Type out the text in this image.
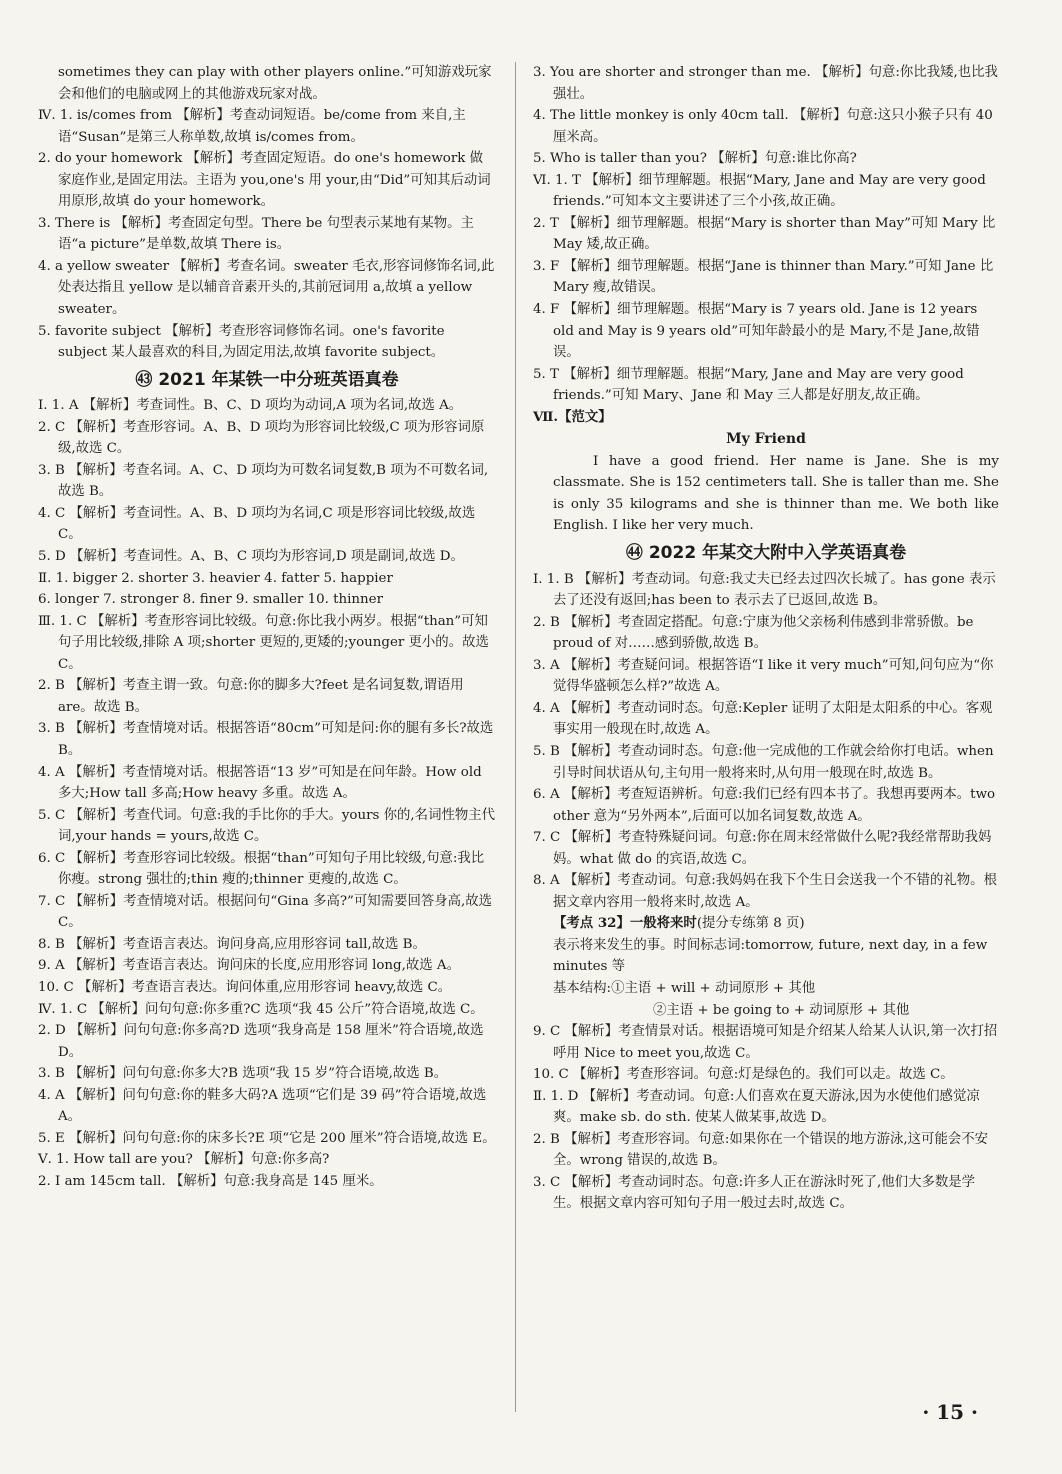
sometimes they can play with other players online.”可知游戏玩家会和他们的电脑或网上的其他游戏玩家对战。

Ⅳ. 1. is/comes from 【解析】考查动词短语。be/come from 来自,主语“Susan”是第三人称单数,故填 is/comes from。

2. do your homework 【解析】考查固定短语。do one's homework 做家庭作业,是固定用法。主语为 you,one's 用 your,由“Did”可知其后动词用原形,故填 do your homework。

3. There is 【解析】考查固定句型。There be 句型表示某地有某物。主语“a picture”是单数,故填 There is。

4. a yellow sweater 【解析】考查名词。sweater 毛衣,形容词修饰名词,此处表达指且 yellow 是以辅音音素开头的,其前冠词用 a,故填 a yellow sweater。

5. favorite subject 【解析】考查形容词修饰名词。one's favorite subject 某人最喜欢的科目,为固定用法,故填 favorite subject。

㊸ 2021 年某铁一中分班英语真卷

Ⅰ. 1. A 【解析】考查词性。B、C、D 项均为动词,A 项为名词,故选 A。

2. C 【解析】考查形容词。A、B、D 项均为形容词比较级,C 项为形容词原级,故选 C。

3. B 【解析】考查名词。A、C、D 项均为可数名词复数,B 项为不可数名词,故选 B。

4. C 【解析】考查词性。A、B、D 项均为名词,C 项是形容词比较级,故选 C。

5. D 【解析】考查词性。A、B、C 项均为形容词,D 项是副词,故选 D。

Ⅱ. 1. bigger 2. shorter 3. heavier 4. fatter 5. happier

6. longer 7. stronger 8. finer 9. smaller 10. thinner

Ⅲ. 1. C 【解析】考查形容词比较级。句意:你比我小两岁。根据“than”可知句子用比较级,排除 A 项;shorter 更短的,更矮的;younger 更小的。故选 C。

2. B 【解析】考查主谓一致。句意:你的脚多大?feet 是名词复数,谓语用 are。故选 B。

3. B 【解析】考查情境对话。根据答语“80cm”可知是问:你的腿有多长?故选 B。

4. A 【解析】考查情境对话。根据答语“13 岁”可知是在问年龄。How old 多大;How tall 多高;How heavy 多重。故选 A。

5. C 【解析】考查代词。句意:我的手比你的手大。yours 你的,名词性物主代词,your hands = yours,故选 C。

6. C 【解析】考查形容词比较级。根据“than”可知句子用比较级,句意:我比你瘦。strong 强壮的;thin 瘦的;thinner 更瘦的,故选 C。

7. C 【解析】考查情境对话。根据问句“Gina 多高?”可知需要回答身高,故选 C。

8. B 【解析】考查语言表达。询问身高,应用形容词 tall,故选 B。

9. A 【解析】考查语言表达。询问床的长度,应用形容词 long,故选 A。

10. C 【解析】考查语言表达。询问体重,应用形容词 heavy,故选 C。

Ⅳ. 1. C 【解析】问句句意:你多重?C 选项“我 45 公斤”符合语境,故选 C。

2. D 【解析】问句句意:你多高?D 选项“我身高是 158 厘米”符合语境,故选 D。

3. B 【解析】问句句意:你多大?B 选项“我 15 岁”符合语境,故选 B。

4. A 【解析】问句句意:你的鞋多大码?A 选项“它们是 39 码”符合语境,故选 A。

5. E 【解析】问句句意:你的床多长?E 项“它是 200 厘米”符合语境,故选 E。

Ⅴ. 1. How tall are you? 【解析】句意:你多高?

2. I am 145cm tall. 【解析】句意:我身高是 145 厘米。

3. You are shorter and stronger than me. 【解析】句意:你比我矮,也比我强壮。

4. The little monkey is only 40cm tall. 【解析】句意:这只小猴子只有 40 厘米高。

5. Who is taller than you? 【解析】句意:谁比你高?

Ⅵ. 1. T 【解析】细节理解题。根据“Mary, Jane and May are very good friends.”可知本文主要讲述了三个小孩,故正确。

2. T 【解析】细节理解题。根据“Mary is shorter than May”可知 Mary 比 May 矮,故正确。

3. F 【解析】细节理解题。根据“Jane is thinner than Mary.”可知 Jane 比 Mary 瘦,故错误。

4. F 【解析】细节理解题。根据“Mary is 7 years old. Jane is 12 years old and May is 9 years old”可知年龄最小的是 Mary,不是 Jane,故错误。

5. T 【解析】细节理解题。根据“Mary, Jane and May are very good friends.”可知 Mary、Jane 和 May 三人都是好朋友,故正确。

Ⅶ.【范文】

My Friend

I have a good friend. Her name is Jane. She is my classmate. She is 152 centimeters tall. She is taller than me. She is only 35 kilograms and she is thinner than me. We both like English. I like her very much.

㊹ 2022 年某交大附中入学英语真卷

Ⅰ. 1. B 【解析】考查动词。句意:我丈夫已经去过四次长城了。has gone 表示去了还没有返回;has been to 表示去了已返回,故选 B。

2. B 【解析】考查固定搭配。句意:宁康为他父亲杨利伟感到非常骄傲。be proud of 对……感到骄傲,故选 B。

3. A 【解析】考查疑问词。根据答语“I like it very much”可知,问句应为“你觉得华盛顿怎么样?”故选 A。

4. A 【解析】考查动词时态。句意:Kepler 证明了太阳是太阳系的中心。客观事实用一般现在时,故选 A。

5. B 【解析】考查动词时态。句意:他一完成他的工作就会给你打电话。when 引导时间状语从句,主句用一般将来时,从句用一般现在时,故选 B。

6. A 【解析】考查短语辨析。句意:我们已经有四本书了。我想再要两本。two other 意为“另外两本”,后面可以加名词复数,故选 A。

7. C 【解析】考查特殊疑问词。句意:你在周末经常做什么呢?我经常帮助我妈妈。what 做 do 的宾语,故选 C。

8. A 【解析】考查动词。句意:我妈妈在我下个生日会送我一个不错的礼物。根据文章内容用一般将来时,故选 A。

【考点 32】一般将来时(提分专练第 8 页)

表示将来发生的事。时间标志词:tomorrow, future, next day, in a few minutes 等

基本结构:①主语 + will + 动词原形 + 其他

②主语 + be going to + 动词原形 + 其他

9. C 【解析】考查情景对话。根据语境可知是介绍某人给某人认识,第一次打招呼用 Nice to meet you,故选 C。

10. C 【解析】考查形容词。句意:灯是绿色的。我们可以走。故选 C。

Ⅱ. 1. D 【解析】考查动词。句意:人们喜欢在夏天游泳,因为水使他们感觉凉爽。make sb. do sth. 使某人做某事,故选 D。

2. B 【解析】考查形容词。句意:如果你在一个错误的地方游泳,这可能会不安全。wrong 错误的,故选 B。

3. C 【解析】考查动词时态。句意:许多人正在游泳时死了,他们大多数是学生。根据文章内容可知句子用一般过去时,故选 C。

· 15 ·
